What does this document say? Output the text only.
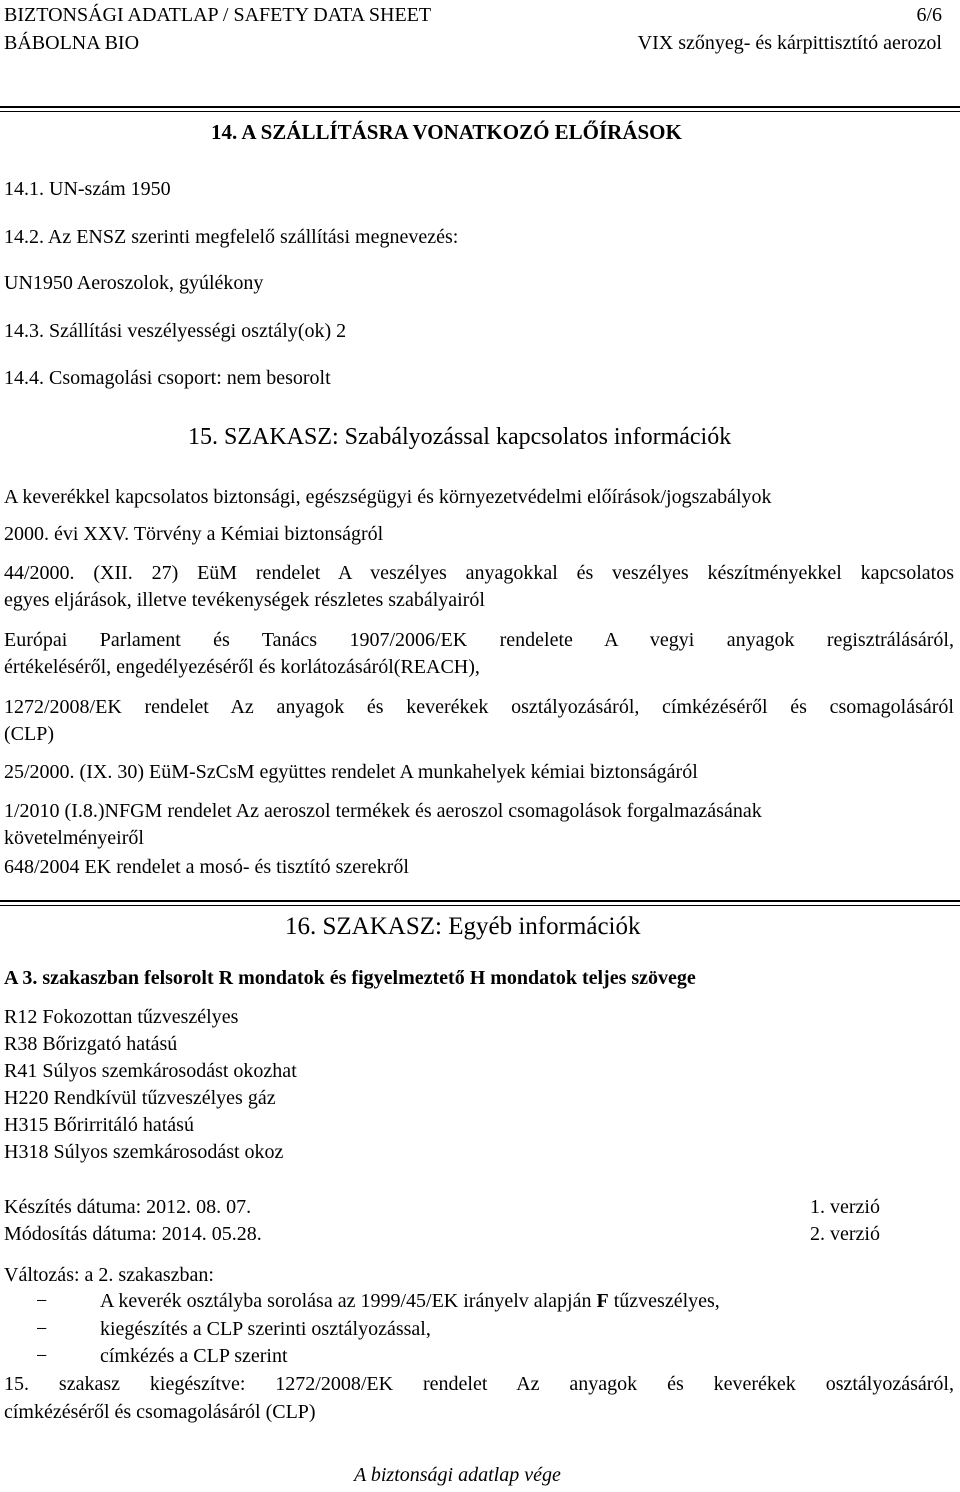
BIZTONSÁGI ADATLAP / SAFETY DATA SHEET
BÁBOLNA BIO
6/6
VIX szőnyeg- és kárpittisztító aerozol
14. A SZÁLLÍTÁSRA VONATKOZÓ ELŐÍRÁSOK
14.1. UN-szám 1950
14.2. Az ENSZ szerinti megfelelő szállítási megnevezés:
UN1950 Aeroszolok, gyúlékony
14.3. Szállítási veszélyességi osztály(ok) 2
14.4. Csomagolási csoport: nem besorolt
15. SZAKASZ: Szabályozással kapcsolatos információk
A keverékkel kapcsolatos biztonsági, egészségügyi és környezetvédelmi előírások/jogszabályok
2000. évi XXV. Törvény a Kémiai biztonságról
44/2000. (XII. 27) EüM rendelet A veszélyes anyagokkal és veszélyes készítményekkel kapcsolatos
egyes eljárások, illetve tevékenységek részletes szabályairól
Európai Parlament és Tanács 1907/2006/EK rendelete A vegyi anyagok regisztrálásáról,
értékeléséről, engedélyezéséről és korlátozásáról(REACH),
1272/2008/EK rendelet Az anyagok és keverékek osztályozásáról, címkézéséről és csomagolásáról
(CLP)
25/2000. (IX. 30) EüM-SzCsM együttes rendelet A munkahelyek kémiai biztonságáról
1/2010 (I.8.)NFGM rendelet Az aeroszol termékek és aeroszol csomagolások forgalmazásának
követelményeiről
648/2004 EK rendelet a mosó- és tisztító szerekről
16. SZAKASZ: Egyéb információk
A 3. szakaszban felsorolt R mondatok és figyelmeztető H mondatok teljes szövege
R12 Fokozottan tűzveszélyes
R38 Bőrizgató hatású
R41 Súlyos szemkárosodást okozhat
H220 Rendkívül tűzveszélyes gáz
H315 Bőrirritáló hatású
H318 Súlyos szemkárosodást okoz
Készítés dátuma: 2012. 08. 07.	1. verzió
Módosítás dátuma: 2014. 05.28.	2. verzió
Változás: a 2. szakaszban:
−	A keverék osztályba sorolása az 1999/45/EK irányelv alapján F tűzveszélyes,
−	kiegészítés a CLP szerinti osztályozással,
−	címkézés a CLP szerint
15. szakasz kiegészítve: 1272/2008/EK rendelet Az anyagok és keverékek osztályozásáról,
címkézéséről és csomagolásáról (CLP)
A biztonsági adatlap vége
